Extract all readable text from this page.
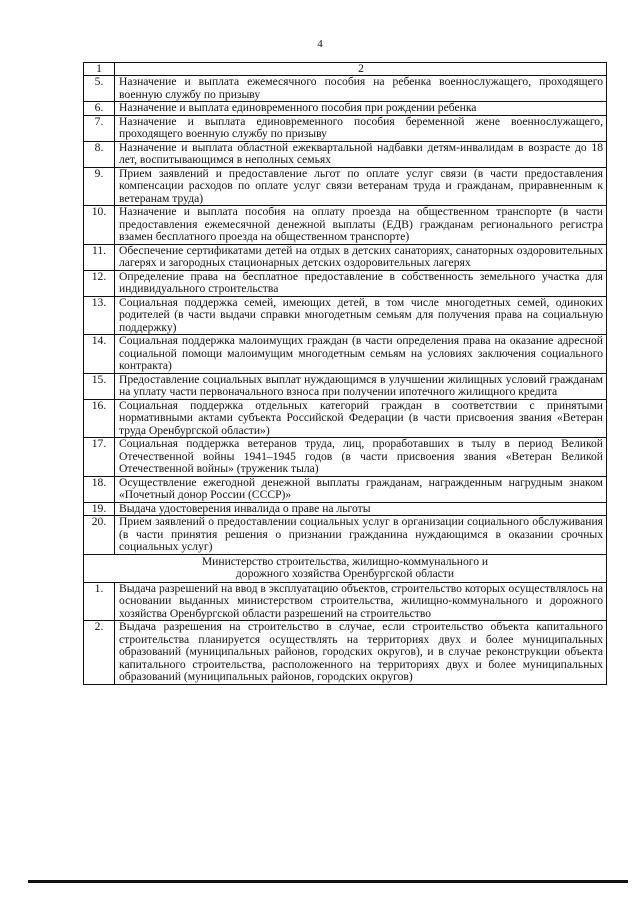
4
1	2
5.	Назначение и выплата ежемесячного пособия на ребенка военнослужащего, проходящего военную службу по призыву
6.	Назначение и выплата единовременного пособия при рождении ребенка
7.	Назначение и выплата единовременного пособия беременной жене военнослужащего, проходящего военную службу по призыву
8.	Назначение и выплата областной ежеквартальной надбавки детям-инвалидам в возрасте до 18 лет, воспитывающимся в неполных семьях
9.	Прием заявлений и предоставление льгот по оплате услуг связи (в части предоставления компенсации расходов по оплате услуг связи ветеранам труда и гражданам, приравненным к ветеранам труда)
10.	Назначение и выплата пособия на оплату проезда на общественном транспорте (в части предоставления ежемесячной денежной выплаты (ЕДВ) гражданам регионального регистра взамен бесплатного проезда на общественном транспорте)
11.	Обеспечение сертификатами детей на отдых в детских санаториях, санаторных оздоровительных лагерях и загородных стационарных детских оздоровительных лагерях
12.	Определение права на бесплатное предоставление в собственность земельного участка для индивидуального строительства
13.	Социальная поддержка семей, имеющих детей, в том числе многодетных семей, одиноких родителей (в части выдачи справки многодетным семьям для получения права на социальную поддержку)
14.	Социальная поддержка малоимущих граждан (в части определения права на оказание адресной социальной помощи малоимущим многодетным семьям на условиях заключения социального контракта)
15.	Предоставление социальных выплат нуждающимся в улучшении жилищных условий гражданам на уплату части первоначального взноса при получении ипотечного жилищного кредита
16.	Социальная поддержка отдельных категорий граждан в соответствии с принятыми нормативными актами субъекта Российской Федерации (в части присвоения звания «Ветеран труда Оренбургской области»)
17.	Социальная поддержка ветеранов труда, лиц, проработавших в тылу в период Великой Отечественной войны 1941–1945 годов (в части присвоения звания «Ветеран Великой Отечественной войны» (труженик тыла)
18.	Осуществление ежегодной денежной выплаты гражданам, награжденным нагрудным знаком «Почетный донор России (СССР)»
19.	Выдача удостоверения инвалида о праве на льготы
20.	Прием заявлений о предоставлении социальных услуг в организации социального обслуживания (в части принятия решения о признании гражданина нуждающимся в оказании срочных социальных услуг)

Министерство строительства, жилищно-коммунального и
дорожного хозяйства Оренбургской области	

1.	Выдача разрешений на ввод в эксплуатацию объектов, строительство которых осуществлялось на основании выданных министерством строительства, жилищно-коммунального и дорожного хозяйства Оренбургской области разрешений на строительство
2.	Выдача разрешения на строительство в случае, если строительство объекта капитального строительства планируется осуществлять на территориях двух и более муниципальных образований (муниципальных районов, городских округов), и в случае реконструкции объекта капитального строительства, расположенного на территориях двух и более муниципальных образований (муниципальных районов, городских округов)
